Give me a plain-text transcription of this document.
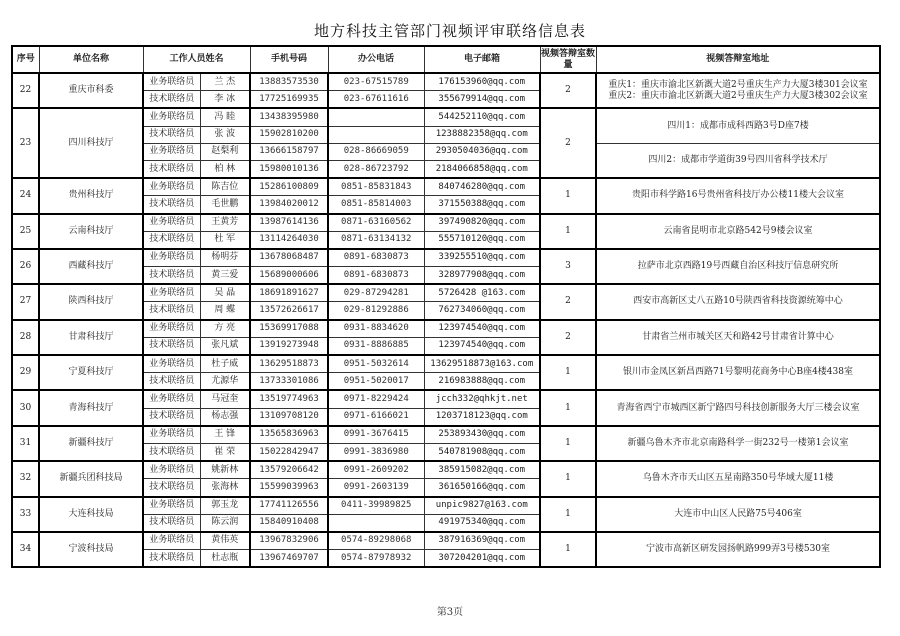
地方科技主管部门视频评审联络信息表
序号	单位名称	工作人员姓名		手机号码	办公电话	电子邮箱	视频答辩室数量	视频答辩室地址
22	重庆市科委	业务联络员	兰 杰	13883573530	023-67515789	176153960@qq.com	2	重庆1：重庆市渝北区新溉大道2号重庆生产力大厦3楼301会议室
重庆2：重庆市渝北区新溉大道2号重庆生产力大厦3楼302会议室

		技术联络员	李 冰	17725169935	023-67611616	355679914@qq.com		
23	四川科技厅	业务联络员	冯 睦	13438395980		544252110@qq.com	2	四川1：成都市成科西路3号D座7楼
		技术联络员	张 波	15902810200		1238882358@qq.com		
		业务联络员	赵梨利	13666158797	028-86669059	2930504036@qq.com		四川2：成都市学道街39号四川省科学技术厅
		技术联络员	柏 林	15980010136	028-86723792	2184066858@qq.com		
24	贵州科技厅	业务联络员	陈吉位	15286100809	0851-85831843	840746280@qq.com	1	贵阳市科学路16号贵州省科技厅办公楼11楼大会议室

		技术联络员	毛世鹏	13984020012	0851-85814003	371550388@qq.com		
25	云南科技厅	业务联络员	王黄芳	13987614136	0871-63160562	397490820@qq.com	1	云南省昆明市北京路542号9楼会议室

		技术联络员	杜 军	13114264030	0871-63134132	555710120@qq.com		
26	西藏科技厅	业务联络员	杨明芬	13678068487	0891-6830873	339255510@qq.com	3	拉萨市北京西路19号西藏自治区科技厅信息研究所

		技术联络员	黄三爱	15689000606	0891-6830873	328977908@qq.com		
27	陕西科技厅	业务联络员	吴 晶	18691891627	029-87294281	5726428 @163.com	2	西安市高新区丈八五路10号陕西省科技资源统筹中心

		技术联络员	周 蝶	13572626617	029-81292886	762734060@qq.com		
28	甘肃科技厅	业务联络员	方 亮	15369917088	0931-8834620	123974540@qq.com	2	甘肃省兰州市城关区天和路42号甘肃省计算中心

		技术联络员	张凡斌	13919273948	0931-8886885	123974540@qq.com		
29	宁夏科技厅	业务联络员	杜子威	13629518873	0951-5032614	13629518873@163.com	1	银川市金凤区新昌西路71号黎明花商务中心B座4楼438室

		技术联络员	尤源华	13733301086	0951-5020017	216983888@qq.com		
30	青海科技厅	业务联络员	马冠奎	13519774963	0971-8229424	jcch332@qhkjt.net	1	青海省西宁市城西区新宁路四号科技创新服务大厅三楼会议室

		技术联络员	杨志强	13109708120	0971-6166021	1203718123@qq.com		
31	新疆科技厅	业务联络员	王 锋	13565836963	0991-3676415	253893430@qq.com	1	新疆乌鲁木齐市北京南路科学一街232号一楼第1会议室

		技术联络员	崔 荣	15022842947	0991-3836980	540781908@qq.com		
32	新疆兵团科技局	业务联络员	姚新林	13579206642	0991-2609202	385915082@qq.com	1	乌鲁木齐市天山区五星南路350号华域大厦11楼

		技术联络员	张海林	15599039963	0991-2603139	361650166@qq.com		
33	大连科技局	业务联络员	郭玉龙	17741126556	0411-39989825	unpic9827@163.com	1	大连市中山区人民路75号406室

		技术联络员	陈云润	15840910408		491975340@qq.com		
34	宁波科技局	业务联络员	黄伟英	13967832906	0574-89298068	387916369@qq.com	1	宁波市高新区研发园扬帆路999弄3号楼530室

		技术联络员	杜志瓶	13967469707	0574-87978932	307204201@qq.com		
第3页
